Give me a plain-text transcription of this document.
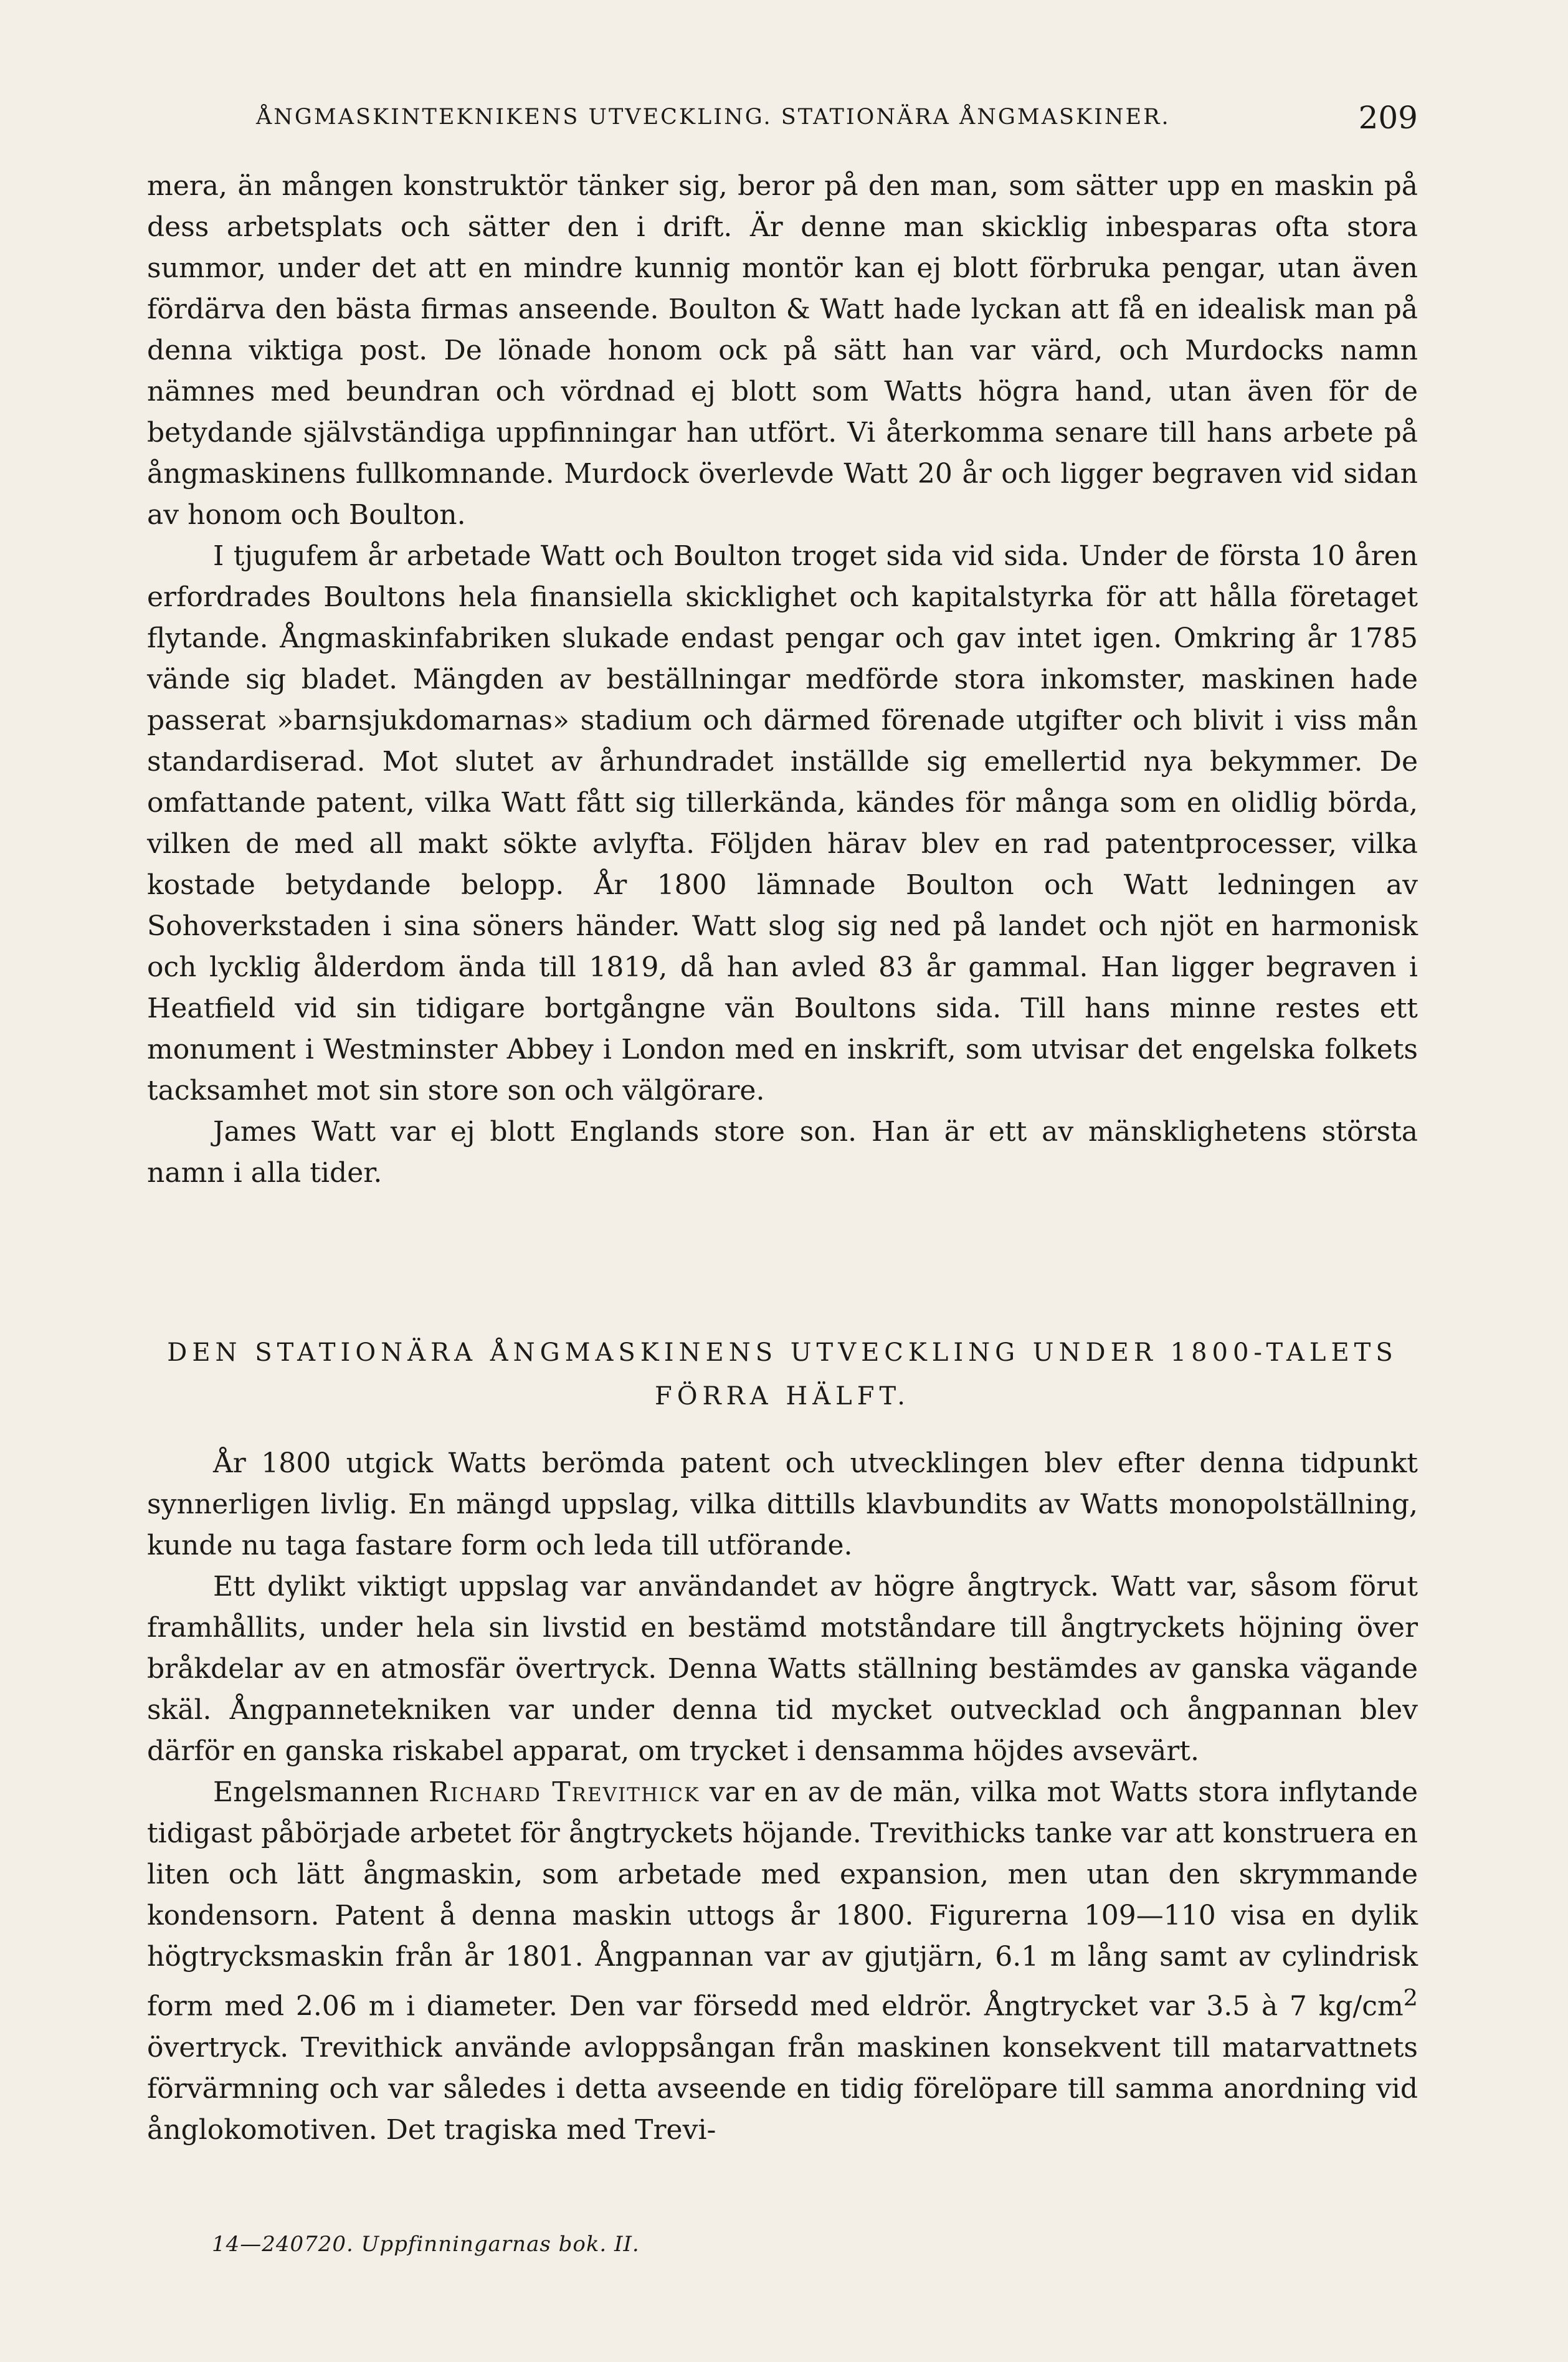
ÅNGMASKINTEKNIKENS UTVECKLING. STATIONÄRA ÅNGMASKINER.	209

mera, än mången konstruktör tänker sig, beror på den man, som sätter upp en maskin på dess arbetsplats och sätter den i drift. Är denne man skicklig inbesparas ofta stora summor, under det att en mindre kunnig montör kan ej blott förbruka pengar, utan även fördärva den bästa firmas anseende. Boulton & Watt hade lyckan att få en idealisk man på denna viktiga post. De lönade honom ock på sätt han var värd, och Murdocks namn nämnes med beundran och vördnad ej blott som Watts högra hand, utan även för de betydande självständiga uppfinningar han utfört. Vi återkomma senare till hans arbete på ångmaskinens fullkomnande. Murdock överlevde Watt 20 år och ligger begraven vid sidan av honom och Boulton.

I tjugufem år arbetade Watt och Boulton troget sida vid sida. Under de första 10 åren erfordrades Boultons hela finansiella skicklighet och kapitalstyrka för att hålla företaget flytande. Ångmaskinfabriken slukade endast pengar och gav intet igen. Omkring år 1785 vände sig bladet. Mängden av beställningar medförde stora inkomster, maskinen hade passerat »barnsjukdomarnas» stadium och därmed förenade utgifter och blivit i viss mån standardiserad. Mot slutet av århundradet inställde sig emellertid nya bekymmer. De omfattande patent, vilka Watt fått sig tillerkända, kändes för många som en olidlig börda, vilken de med all makt sökte avlyfta. Följden härav blev en rad patentprocesser, vilka kostade betydande belopp. År 1800 lämnade Boulton och Watt ledningen av Sohoverkstaden i sina söners händer. Watt slog sig ned på landet och njöt en harmonisk och lycklig ålderdom ända till 1819, då han avled 83 år gammal. Han ligger begraven i Heatfield vid sin tidigare bortgångne vän Boultons sida. Till hans minne restes ett monument i Westminster Abbey i London med en inskrift, som utvisar det engelska folkets tacksamhet mot sin store son och välgörare.

James Watt var ej blott Englands store son. Han är ett av mänsklighetens största namn i alla tider.

DEN STATIONÄRA ÅNGMASKINENS UTVECKLING UNDER 1800-TALETS
FÖRRA HÄLFT.

År 1800 utgick Watts berömda patent och utvecklingen blev efter denna tidpunkt synnerligen livlig. En mängd uppslag, vilka dittills klavbundits av Watts monopolställning, kunde nu taga fastare form och leda till utförande.

Ett dylikt viktigt uppslag var användandet av högre ångtryck. Watt var, såsom förut framhållits, under hela sin livstid en bestämd motståndare till ångtryckets höjning över bråkdelar av en atmosfär övertryck. Denna Watts ställning bestämdes av ganska vägande skäl. Ångpannetekniken var under denna tid mycket outvecklad och ångpannan blev därför en ganska riskabel apparat, om trycket i densamma höjdes avsevärt.

Engelsmannen Richard Trevithick var en av de män, vilka mot Watts stora inflytande tidigast påbörjade arbetet för ångtryckets höjande. Trevithicks tanke var att konstruera en liten och lätt ångmaskin, som arbetade med expansion, men utan den skrymmande kondensorn. Patent å denna maskin uttogs år 1800. Figurerna 109—110 visa en dylik högtrycksmaskin från år 1801. Ångpannan var av gjutjärn, 6.1 m lång samt av cylindrisk form med 2.06 m i diameter. Den var försedd med eldrör. Ångtrycket var 3.5 à 7 $kg/cm^2$ övertryck. Trevithick använde avloppsångan från maskinen konsekvent till matarvattnets förvärmning och var således i detta avseende en tidig förelöpare till samma anordning vid ånglokomotiven. Det tragiska med Trevi-

14—240720. Uppfinningarnas bok. II.
